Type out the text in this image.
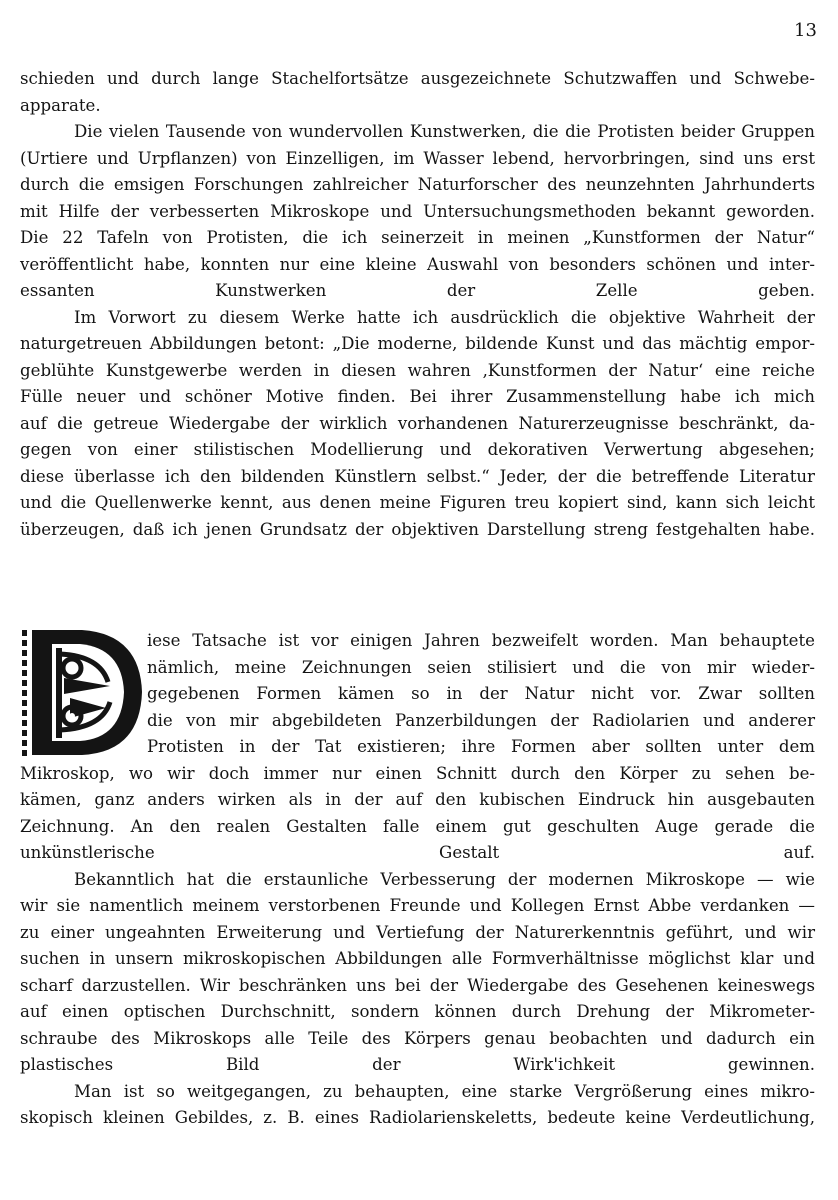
13
schieden und durch lange Stachelfortsätze ausgezeichnete Schutzwaffen und Schwebe-
apparate.
Die vielen Tausende von wundervollen Kunstwerken, die die Protisten beider Gruppen
(Urtiere und Urpflanzen) von Einzelligen, im Wasser lebend, hervorbringen, sind uns erst
durch die emsigen Forschungen zahlreicher Naturforscher des neunzehnten Jahrhunderts
mit Hilfe der verbesserten Mikroskope und Untersuchungsmethoden bekannt geworden.
Die 22 Tafeln von Protisten, die ich seinerzeit in meinen „Kunstformen der Natur“
veröffentlicht habe, konnten nur eine kleine Auswahl von besonders schönen und inter-
essanten Kunstwerken der Zelle geben.
Im Vorwort zu diesem Werke hatte ich ausdrücklich die objektive Wahrheit der
naturgetreuen Abbildungen betont: „Die moderne, bildende Kunst und das mächtig empor-
geblühte Kunstgewerbe werden in diesen wahren ‚Kunstformen der Natur‘ eine reiche
Fülle neuer und schöner Motive finden. Bei ihrer Zusammenstellung habe ich mich
auf die getreue Wiedergabe der wirklich vorhandenen Naturerzeugnisse beschränkt, da-
gegen von einer stilistischen Modellierung und dekorativen Verwertung abgesehen;
diese überlasse ich den bildenden Künstlern selbst.“ Jeder, der die betreffende Literatur
und die Quellenwerke kennt, aus denen meine Figuren treu kopiert sind, kann sich leicht
überzeugen, daß ich jenen Grundsatz der objektiven Darstellung streng festgehalten habe.
iese Tatsache ist vor einigen Jahren bezweifelt worden. Man behauptete
nämlich, meine Zeichnungen seien stilisiert und die von mir wieder-
gegebenen Formen kämen so in der Natur nicht vor. Zwar sollten
die von mir abgebildeten Panzerbildungen der Radiolarien und anderer
Protisten in der Tat existieren; ihre Formen aber sollten unter dem
Mikroskop, wo wir doch immer nur einen Schnitt durch den Körper zu sehen be-
kämen, ganz anders wirken als in der auf den kubischen Eindruck hin ausgebauten
Zeichnung. An den realen Gestalten falle einem gut geschulten Auge gerade die
unkünstlerische Gestalt auf.
Bekanntlich hat die erstaunliche Verbesserung der modernen Mikroskope — wie
wir sie namentlich meinem verstorbenen Freunde und Kollegen Ernst Abbe verdanken —
zu einer ungeahnten Erweiterung und Vertiefung der Naturerkenntnis geführt, und wir
suchen in unsern mikroskopischen Abbildungen alle Formverhältnisse möglichst klar und
scharf darzustellen. Wir beschränken uns bei der Wiedergabe des Gesehenen keineswegs
auf einen optischen Durchschnitt, sondern können durch Drehung der Mikrometer-
schraube des Mikroskops alle Teile des Körpers genau beobachten und dadurch ein
plastisches Bild der Wirk'ichkeit gewinnen.
Man ist so weitgegangen, zu behaupten, eine starke Vergrößerung eines mikro-
skopisch kleinen Gebildes, z. B. eines Radiolarienskeletts, bedeute keine Verdeutlichung,
